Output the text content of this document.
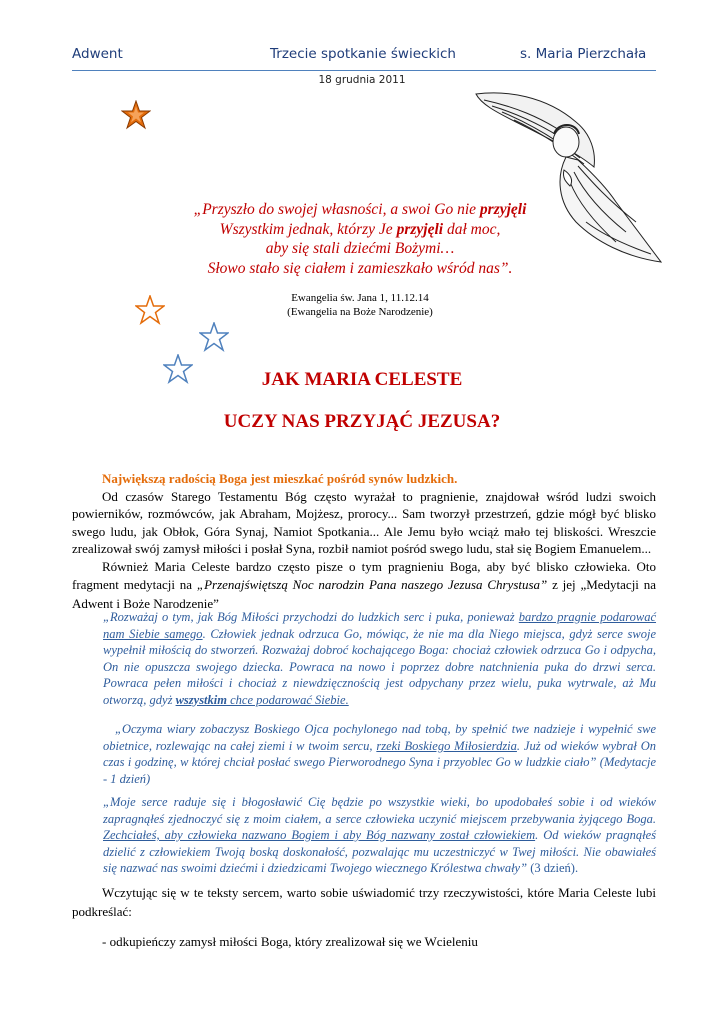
Adwent	Trzecie spotkanie świeckich	s. Maria Pierzchała
18 grudnia 2011
„Przyszło do swojej własności, a swoi Go nie przyjęli
Wszystkim jednak, którzy Je przyjęli dał moc,
aby się stali dziećmi Bożymi…
Słowo stało się ciałem i zamieszkało wśród nas”.
Ewangelia św. Jana 1, 11.12.14
(Ewangelia na Boże Narodzenie)
JAK MARIA CELESTE
UCZY NAS PRZYJĄĆ JEZUSA?
Największą radością Boga jest mieszkać pośród synów ludzkich.
Od czasów Starego Testamentu Bóg często wyrażał to pragnienie, znajdował wśród ludzi swoich powierników, rozmówców, jak Abraham, Mojżesz, prorocy... Sam tworzył przestrzeń, gdzie mógł być blisko swego ludu, jak Obłok, Góra Synaj, Namiot Spotkania... Ale Jemu było wciąż mało tej bliskości. Wreszcie zrealizował swój zamysł miłości i posłał Syna, rozbił namiot pośród swego ludu, stał się Bogiem Emanuelem...
Również Maria Celeste bardzo często pisze o tym pragnieniu Boga, aby być blisko człowieka. Oto fragment medytacji na „Przenajświętszą Noc narodzin Pana naszego Jezusa Chrystusa” z jej „Medytacji na Adwent i Boże Narodzenie”
„Rozważaj o tym, jak Bóg Miłości przychodzi do ludzkich serc i puka, ponieważ bardzo pragnie podarować nam Siebie samego. Człowiek jednak odrzuca Go, mówiąc, że nie ma dla Niego miejsca, gdyż serce swoje wypełnił miłością do stworzeń. Rozważaj dobroć kochającego Boga: chociaż człowiek odrzuca Go i odpycha, On nie opuszcza swojego dziecka. Powraca na nowo i poprzez dobre natchnienia puka do drzwi serca. Powraca pełen miłości i chociaż z niewdzięcznością jest odpychany przez wielu, puka wytrwale, aż Mu otworzą, gdyż wszystkim chce podarować Siebie.
„Oczyma wiary zobaczysz Boskiego Ojca pochylonego nad tobą, by spełnić twe nadzieje i wypełnić swe obietnice, rozlewając na całej ziemi i w twoim sercu, rzeki Boskiego Miłosierdzia. Już od wieków wybrał On czas i godzinę, w której chciał posłać swego Pierworodnego Syna i przyoblec Go w ludzkie ciało” (Medytacje - 1 dzień)
„Moje serce raduje się i błogosławić Cię będzie po wszystkie wieki, bo upodobałeś sobie i od wieków zapragnąłeś zjednoczyć się z moim ciałem, a serce człowieka uczynić miejscem przebywania żyjącego Boga. Zechciałeś, aby człowieka nazwano Bogiem i aby Bóg nazwany został człowiekiem. Od wieków pragnąłeś dzielić z człowiekiem Twoją boską doskonałość, pozwalając mu uczestniczyć w Twej miłości. Nie obawiałeś się nazwać nas swoimi dziećmi i dziedzicami Twojego wiecznego Królestwa chwały” (3 dzień).
Wczytując się w te teksty sercem, warto sobie uświadomić trzy rzeczywistości, które Maria Celeste lubi podkreślać:
- odkupieńczy zamysł miłości Boga, który zrealizował się we Wcieleniu
